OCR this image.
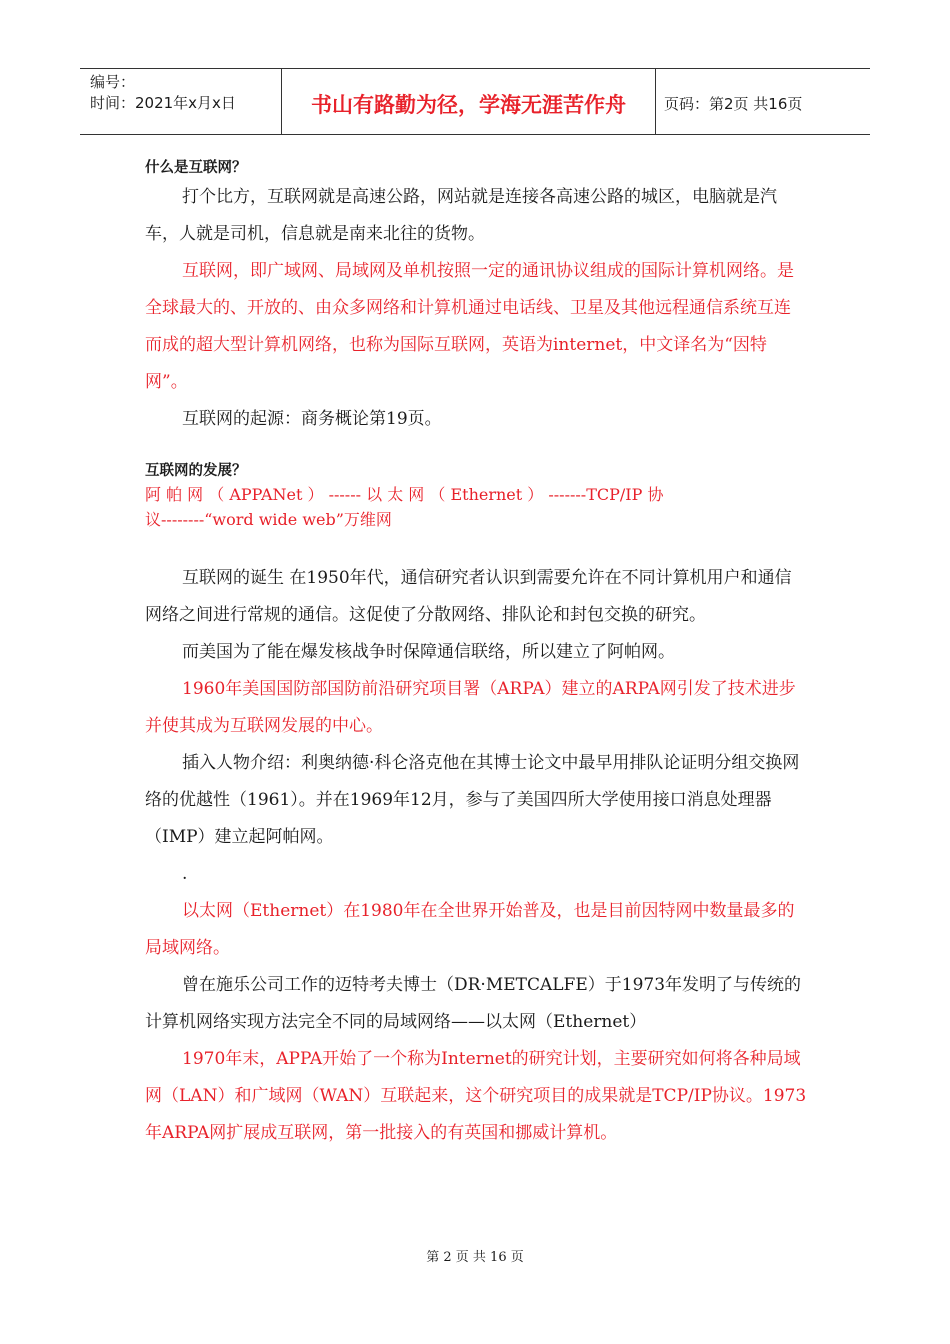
编号：
时间：2021年x月x日	书山有路勤为径，学海无涯苦作舟	页码：第2页 共16页
什么是互联网？

打个比方，互联网就是高速公路，网站就是连接各高速公路的城区，电脑就是汽车，人就是司机，信息就是南来北往的货物。

互联网，即广域网、局域网及单机按照一定的通讯协议组成的国际计算机网络。是全球最大的、开放的、由众多网络和计算机通过电话线、卫星及其他远程通信系统互连而成的超大型计算机网络，也称为国际互联网，英语为internet，中文译名为“因特网”。

互联网的起源：商务概论第19页。

互联网的发展？
阿 帕 网 （ APPANet ） ------ 以 太 网 （ Ethernet ） -------TCP/IP 协
议--------“word wide web”万维网

互联网的诞生 在1950年代，通信研究者认识到需要允许在不同计算机用户和通信网络之间进行常规的通信。这促使了分散网络、排队论和封包交换的研究。

而美国为了能在爆发核战争时保障通信联络，所以建立了阿帕网。

1960年美国国防部国防前沿研究项目署（ARPA）建立的ARPA网引发了技术进步并使其成为互联网发展的中心。

插入人物介绍：利奥纳德·科仑洛克他在其博士论文中最早用排队论证明分组交换网络的优越性（1961）。并在1969年12月，参与了美国四所大学使用接口消息处理器（IMP）建立起阿帕网。

.

以太网（Ethernet）在1980年在全世界开始普及，也是目前因特网中数量最多的局域网络。

曾在施乐公司工作的迈特考夫博士（DR·METCALFE）于1973年发明了与传统的计算机网络实现方法完全不同的局域网络——以太网（Ethernet）

1970年末，APPA开始了一个称为Internet的研究计划，主要研究如何将各种局域网（LAN）和广域网（WAN）互联起来，这个研究项目的成果就是TCP/IP协议。1973年ARPA网扩展成互联网，第一批接入的有英国和挪威计算机。

第 2 页 共 16 页
